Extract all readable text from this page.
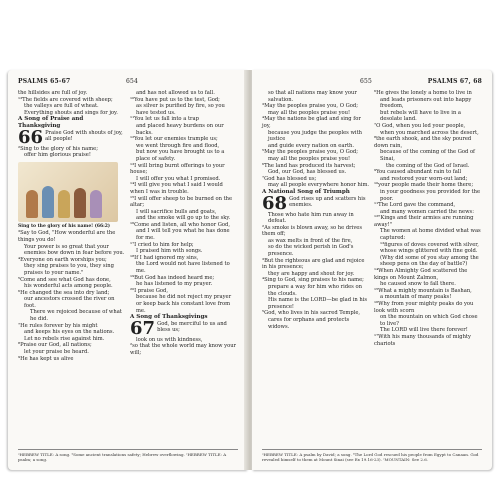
PSALMS 65-67	654

the hillsides are full of joy.

¹³The fields are covered with sheep;

the valleys are full of wheat.

Everything shouts and sings for joy.

A Song of Praise and Thanksgiving

66 Praise God with shouts of joy, all people!

²Sing to the glory of his name;

offer him glorious praise!

Sing to the glory of his name! (66:2)

³Say to God, "How wonderful are the things you do!

Your power is so great that your enemies bow down in fear before you.

⁴Everyone on earth worships you;

they sing praises to you, they sing praises to your name."

⁵Come and see what God has done,

his wonderful acts among people.

⁶He changed the sea into dry land;

our ancestors crossed the river on foot.

There we rejoiced because of what he did.

⁷He rules forever by his might

and keeps his eyes on the nations.

Let no rebels rise against him.

⁸Praise our God, all nations;

let your praise be heard.

⁹He has kept us alive

and has not allowed us to fall.

¹⁰You have put us to the test, God;

as silver is purified by fire, so you have tested us.

¹¹You let us fall into a trap

and placed heavy burdens on our backs.

¹²You let our enemies trample us;

we went through fire and flood,

but now you have brought us to a place of safety.

¹³I will bring burnt offerings to your house;

I will offer you what I promised.

¹⁴I will give you what I said I would when I was in trouble.

¹⁵I will offer sheep to be burned on the altar;

I will sacrifice bulls and goats,

and the smoke will go up to the sky.

¹⁶Come and listen, all who honor God,

and I will tell you what he has done for me.

¹⁷I cried to him for help;

I praised him with songs.

¹⁸If I had ignored my sins,

the Lord would not have listened to me.

¹⁹But God has indeed heard me;

he has listened to my prayer.

²⁰I praise God,

because he did not reject my prayer or keep back his constant love from me.

A Song of Thanksgivings

67 God, be merciful to us and bless us;

look on us with kindness,

²so that the whole world may know your will;

ᵃHEBREW TITLE: A song. ᵇSome ancient translations safety; Hebrew overflowing. ᶜHEBREW TITLE: A psalm; a song.
655	PSALMS 67, 68

so that all nations may know your salvation.

³May the peoples praise you, O God;

may all the peoples praise you!

⁴May the nations be glad and sing for joy,

because you judge the peoples with justice

and guide every nation on earth.

⁵May the peoples praise you, O God;

may all the peoples praise you!

⁶The land has produced its harvest;

God, our God, has blessed us.

⁷God has blessed us;

may all people everywhere honor him.

A National Song of Triumph

68 God rises up and scatters his enemies.

Those who hate him run away in defeat.

²As smoke is blown away, so he drives them off;

as wax melts in front of the fire,

so do the wicked perish in God's presence.

³But the righteous are glad and rejoice in his presence;

they are happy and shout for joy.

⁴Sing to God, sing praises to his name;

prepare a way for him who rides on the clouds.

His name is the LORD—be glad in his presence!

⁵God, who lives in his sacred Temple,

cares for orphans and protects widows.

⁶He gives the lonely a home to live in

and leads prisoners out into happy freedom,

but rebels will have to live in a desolate land.

⁷O God, when you led your people,

when you marched across the desert,

⁸the earth shook, and the sky poured down rain,

because of the coming of the God of Sinai,

the coming of the God of Israel.

⁹You caused abundant rain to fall

and restored your worn-out land;

¹⁰your people made their home there;

in your goodness you provided for the poor.

¹¹The Lord gave the command,

and many women carried the news:

¹²"Kings and their armies are running away!"

The women at home divided what was captured:

¹³figures of doves covered with silver,

whose wings glittered with fine gold.

(Why did some of you stay among the sheep pens on the day of battle?)

¹⁴When Almighty God scattered the kings on Mount Zalmon,

he caused snow to fall there.

¹⁵What a mighty mountain is Bashan,

a mountain of many peaks!

¹⁶Why from your mighty peaks do you look with scorn

on the mountain on which God chose to live?

The LORD will live there forever!

¹⁷With his many thousands of mighty chariots

ᵃHEBREW TITLE: A psalm by David; a song. ᵇThe Lord God rescued his people from Egypt to Canaan. God revealed himself to them at Mount Sinai (see Ex 19.16-23). ᶜMOUNTAIN: See 2.6.
